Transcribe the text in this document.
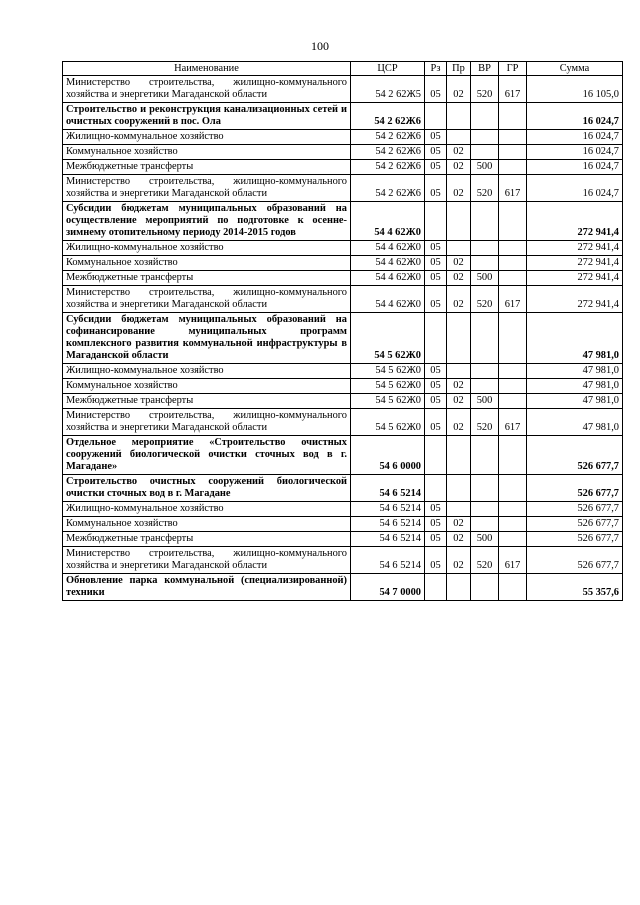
100
Наименование	ЦСР	Рз	Пр	ВР	ГР	Сумма
Министерство строительства, жилищно-коммунального хозяйства и энергетики Магаданской области	54 2 62Ж5	05	02	520	617	16 105,0
Строительство и реконструкция канализационных сетей и очистных сооружений в пос. Ола	54 2 62Ж6					16 024,7
Жилищно-коммунальное хозяйство	54 2 62Ж6	05				16 024,7
Коммунальное хозяйство	54 2 62Ж6	05	02			16 024,7
Межбюджетные трансферты	54 2 62Ж6	05	02	500		16 024,7
Министерство строительства, жилищно-коммунального хозяйства и энергетики Магаданской области	54 2 62Ж6	05	02	520	617	16 024,7
Субсидии бюджетам муниципальных образований на осуществление мероприятий по подготовке к осенне-зимнему отопительному периоду 2014-2015 годов	54 4 62Ж0					272 941,4
Жилищно-коммунальное хозяйство	54 4 62Ж0	05				272 941,4
Коммунальное хозяйство	54 4 62Ж0	05	02			272 941,4
Межбюджетные трансферты	54 4 62Ж0	05	02	500		272 941,4
Министерство строительства, жилищно-коммунального хозяйства и энергетики Магаданской области	54 4 62Ж0	05	02	520	617	272 941,4
Субсидии бюджетам муниципальных образований на софинансирование муниципальных программ комплексного развития коммунальной инфраструктуры в Магаданской области	54 5 62Ж0					47 981,0
Жилищно-коммунальное хозяйство	54 5 62Ж0	05				47 981,0
Коммунальное хозяйство	54 5 62Ж0	05	02			47 981,0
Межбюджетные трансферты	54 5 62Ж0	05	02	500		47 981,0
Министерство строительства, жилищно-коммунального хозяйства и энергетики Магаданской области	54 5 62Ж0	05	02	520	617	47 981,0
Отдельное мероприятие «Строительство очистных сооружений биологической очистки сточных вод в г. Магадане»	54 6 0000					526 677,7
Строительство очистных сооружений биологической очистки сточных вод в г. Магадане	54 6 5214					526 677,7
Жилищно-коммунальное хозяйство	54 6 5214	05				526 677,7
Коммунальное хозяйство	54 6 5214	05	02			526 677,7
Межбюджетные трансферты	54 6 5214	05	02	500		526 677,7
Министерство строительства, жилищно-коммунального хозяйства и энергетики Магаданской области	54 6 5214	05	02	520	617	526 677,7
Обновление парка коммунальной (специализированной) техники	54 7 0000					55 357,6
